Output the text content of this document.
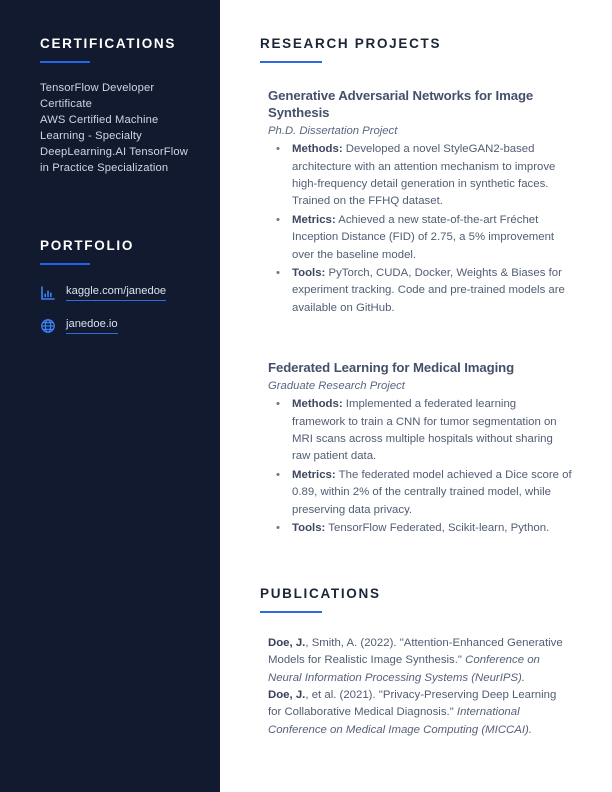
CERTIFICATIONS
TensorFlow Developer Certificate
AWS Certified Machine Learning - Specialty
DeepLearning.AI TensorFlow in Practice Specialization
PORTFOLIO
kaggle.com/janedoe
janedoe.io
RESEARCH PROJECTS
Generative Adversarial Networks for Image Synthesis
Ph.D. Dissertation Project
• Methods: Developed a novel StyleGAN2-based architecture with an attention mechanism to improve high-frequency detail generation in synthetic faces. Trained on the FFHQ dataset.
• Metrics: Achieved a new state-of-the-art Fréchet Inception Distance (FID) of 2.75, a 5% improvement over the baseline model.
• Tools: PyTorch, CUDA, Docker, Weights & Biases for experiment tracking. Code and pre-trained models are available on GitHub.
Federated Learning for Medical Imaging
Graduate Research Project
• Methods: Implemented a federated learning framework to train a CNN for tumor segmentation on MRI scans across multiple hospitals without sharing raw patient data.
• Metrics: The federated model achieved a Dice score of 0.89, within 2% of the centrally trained model, while preserving data privacy.
• Tools: TensorFlow Federated, Scikit-learn, Python.
PUBLICATIONS
Doe, J., Smith, A. (2022). "Attention-Enhanced Generative Models for Realistic Image Synthesis." Conference on Neural Information Processing Systems (NeurIPS).
Doe, J., et al. (2021). "Privacy-Preserving Deep Learning for Collaborative Medical Diagnosis." International Conference on Medical Image Computing (MICCAI).
